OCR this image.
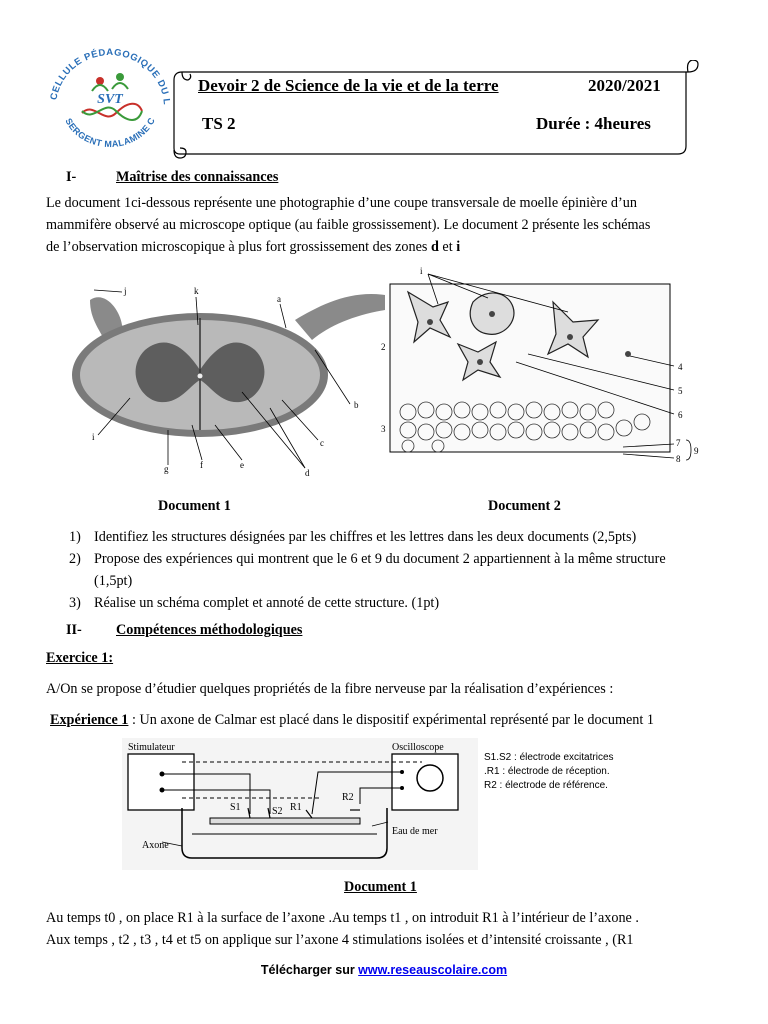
CELLULE PÉDAGOGIQUE DU L
SERGENT MALAMINE C
SVT
Devoir 2 de Science de la vie et de la terre	2020/2021
TS 2	Durée : 4heures
I-	Maîtrise des connaissances
Le document 1ci-dessous représente une photographie d’une coupe transversale de moelle épinière d’un
mammifère observé au microscope optique (au faible grossissement). Le document 2 présente les schémas
de l’observation microscopique à plus fort grossissement des zones d et i
j	k
a
b
i
g	f	e
c
d
i
2
3
4
5
6
7
8
9
Document 1	Document 2
1) Identifiez les structures désignées par les chiffres et les lettres dans les deux documents (2,5pts)
2) Propose des expériences qui montrent que le 6 et 9 du document 2 appartiennent à la même structure
(1,5pt)
3) Réalise un schéma complet et annoté de cette structure. (1pt)
II- Compétences méthodologiques
Exercice 1:
A/On se propose d’étudier quelques propriétés de la fibre nerveuse par la réalisation d’expériences :
Expérience 1 : Un axone de Calmar est placé dans le dispositif expérimental représenté par le document 1
Stimulateur	Oscilloscope
S1	S2 R1
R2
Axone
Eau de mer
S1.S2 : électrode excitatrices
.R1 : électrode de réception.
R2 : électrode de référence.
Document 1
Au temps t0 , on place R1 à la surface de l’axone .Au temps t1 , on introduit R1 à l’intérieur de l’axone .
Aux temps , t2 , t3 , t4 et t5 on applique sur l’axone 4 stimulations isolées et d’intensité croissante , (R1
Télécharger sur www.reseauscolaire.com
